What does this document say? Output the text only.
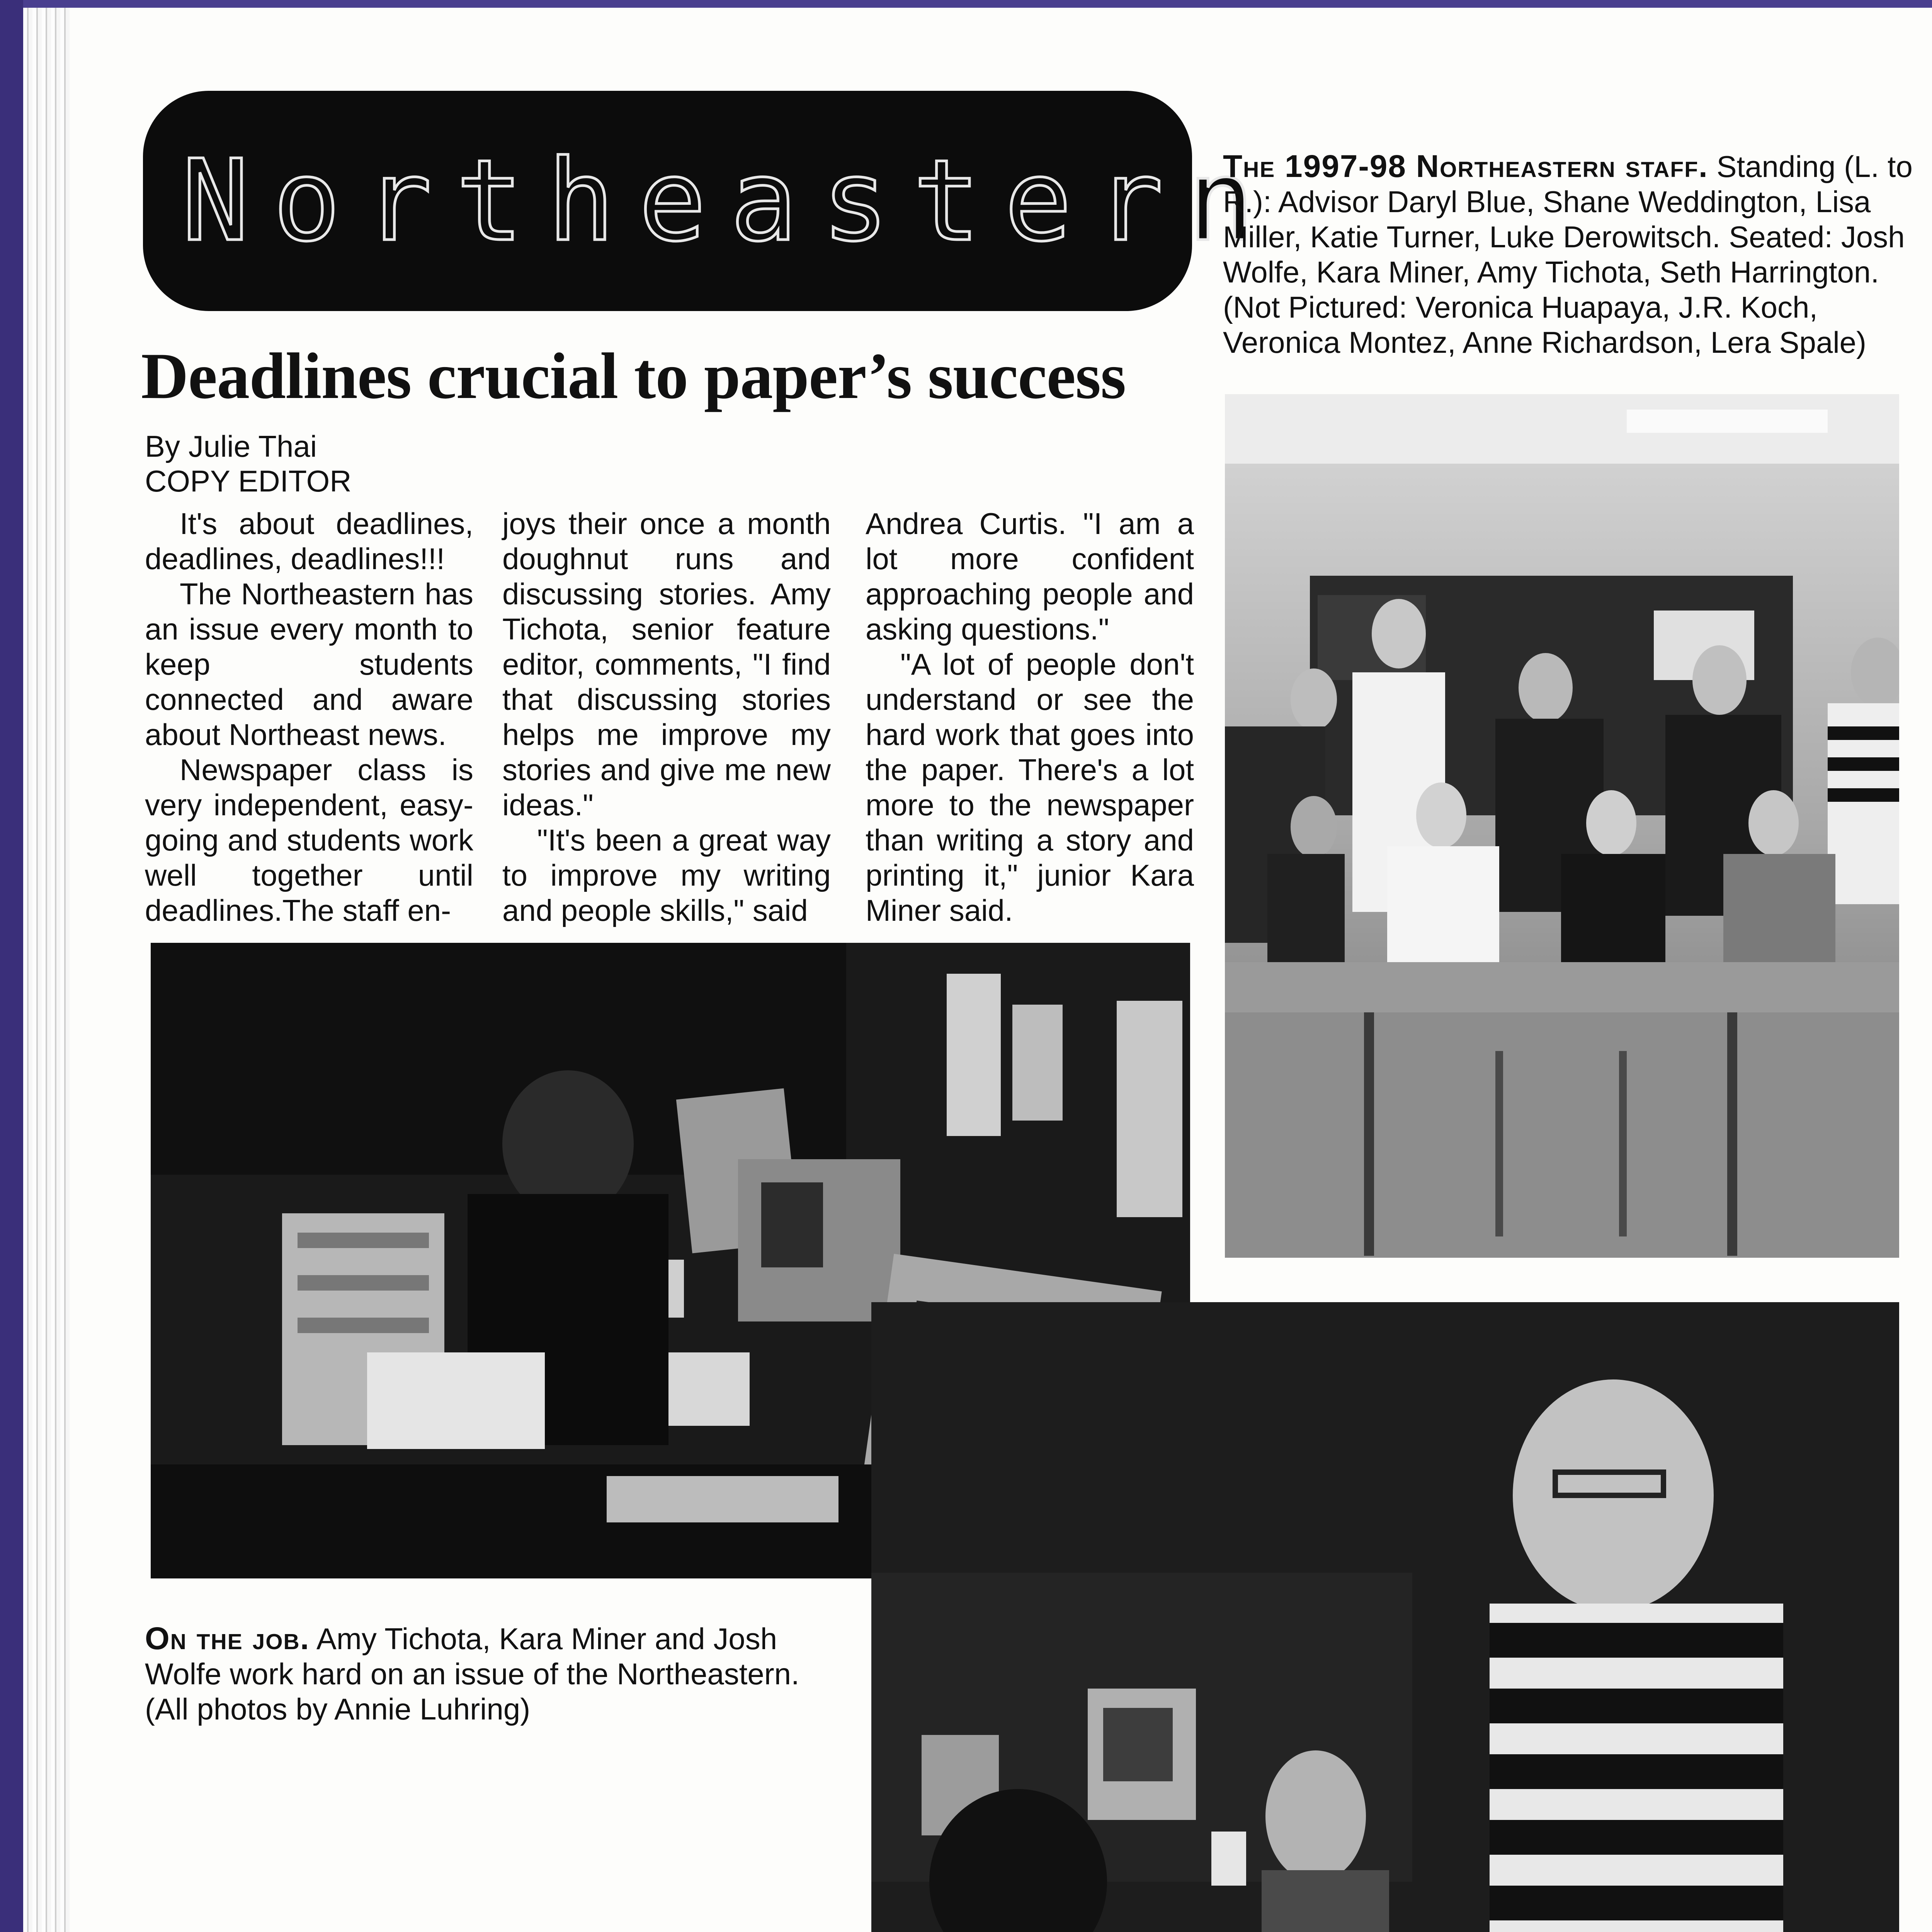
Northeastern
Deadlines crucial to paper’s success
By Julie Thai
COPY EDITOR

It's about deadlines, deadlines, deadlines!!!

The Northeastern has an issue every month to keep students connected and aware about Northeast news.

Newspaper class is very independent, easy-going and students work well together until deadlines.The staff en-

joys their once a month doughnut runs and discussing stories. Amy Tichota, senior feature editor, comments, "I find that discussing stories helps me improve my stories and give me new ideas."

"It's been a great way to improve my writing and people skills," said

Andrea Curtis. "I am a lot more confident approaching people and asking questions."

"A lot of people don't understand or see the hard work that goes into the paper. There's a lot more to the newspaper than writing a story and printing it," junior Kara Miner said.

The 1997-98 Northeastern staff. Standing (L. to R.): Advisor Daryl Blue, Shane Weddington, Lisa Miller, Katie Turner, Luke Derowitsch. Seated: Josh Wolfe, Kara Miner, Amy Tichota, Seth Harrington. (Not Pictured: Veronica Huapaya, J.R. Koch, Veronica Montez, Anne Richardson, Lera Spale)
On the job. Amy Tichota, Kara Miner and Josh Wolfe work hard on an issue of the Northeastern. (All photos by Annie Luhring)
